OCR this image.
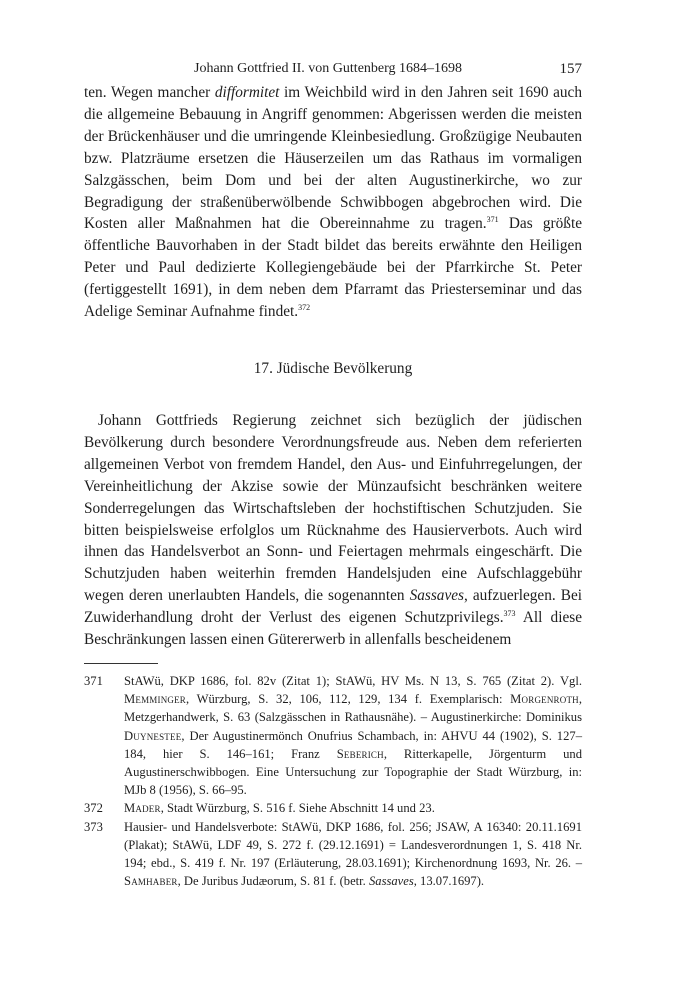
Johann Gottfried II. von Guttenberg 1684–1698	157

ten. Wegen mancher difformitet im Weichbild wird in den Jahren seit 1690 auch die allgemeine Bebauung in Angriff genommen: Abgerissen werden die meisten der Brückenhäuser und die umringende Kleinbesiedlung. Großzügige Neubauten bzw. Platzräume ersetzen die Häuserzeilen um das Rathaus im vormaligen Salzgässchen, beim Dom und bei der alten Augustinerkirche, wo zur Begradigung der straßenüberwölbende Schwibbogen abgebrochen wird. Die Kosten aller Maßnahmen hat die Obereinnahme zu tragen.$^{371}$ Das größte öffentliche Bauvorhaben in der Stadt bildet das bereits erwähnte den Heiligen Peter und Paul dedizierte Kollegiengebäude bei der Pfarrkirche St. Peter (fertiggestellt 1691), in dem neben dem Pfarramt das Priesterseminar und das Adelige Seminar Aufnahme findet.$^{372}$

17. Jüdische Bevölkerung

Johann Gottfrieds Regierung zeichnet sich bezüglich der jüdischen Bevölkerung durch besondere Verordnungsfreude aus. Neben dem referierten allgemeinen Verbot von fremdem Handel, den Aus- und Einfuhrregelungen, der Vereinheitlichung der Akzise sowie der Münzaufsicht beschränken weitere Sonderregelungen das Wirtschaftsleben der hochstiftischen Schutzjuden. Sie bitten beispielsweise erfolglos um Rücknahme des Hausierverbots. Auch wird ihnen das Handelsverbot an Sonn- und Feiertagen mehrmals eingeschärft. Die Schutzjuden haben weiterhin fremden Handelsjuden eine Aufschlaggebühr wegen deren unerlaubten Handels, die sogenannten Sassaves, aufzuerlegen. Bei Zuwiderhandlung droht der Verlust des eigenen Schutzprivilegs.$^{373}$ All diese Beschränkungen lassen einen Gütererwerb in allenfalls bescheidenem

371 StAWü, DKP 1686, fol. 82v (Zitat 1); StAWü, HV Ms. N 13, S. 765 (Zitat 2). Vgl. Memminger, Würzburg, S. 32, 106, 112, 129, 134 f. Exemplarisch: Morgenroth, Metzgerhandwerk, S. 63 (Salzgässchen in Rathausnähe). – Augustinerkirche: Dominikus Duynestee, Der Augustinermönch Onufrius Schambach, in: AHVU 44 (1902), S. 127–184, hier S. 146–161; Franz Seberich, Ritterkapelle, Jörgenturm und Augustinerschwibbogen. Eine Untersuchung zur Topographie der Stadt Würzburg, in: MJb 8 (1956), S. 66–95.
372 Mader, Stadt Würzburg, S. 516 f. Siehe Abschnitt 14 und 23.
373 Hausier- und Handelsverbote: StAWü, DKP 1686, fol. 256; JSAW, A 16340: 20.11.1691 (Plakat); StAWü, LDF 49, S. 272 f. (29.12.1691) = Landesverordnungen 1, S. 418 Nr. 194; ebd., S. 419 f. Nr. 197 (Erläuterung, 28.03.1691); Kirchenordnung 1693, Nr. 26. – Samhaber, De Juribus Judæorum, S. 81 f. (betr. Sassaves, 13.07.1697).
